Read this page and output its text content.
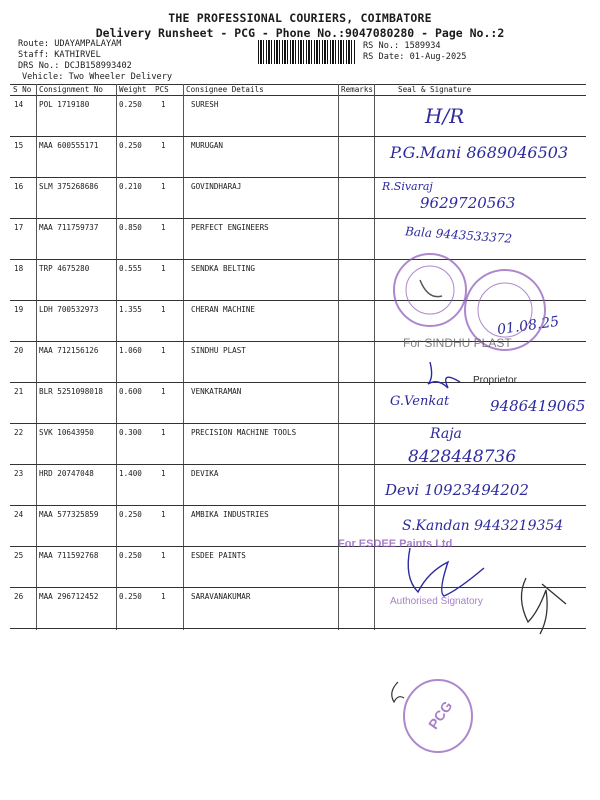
THE PROFESSIONAL COURIERS, COIMBATORE
Delivery Runsheet - PCG - Phone No.:9047080280 - Page No.:2
Route: UDAYAMPALAYAM
Staff: KATHIRVEL
DRS No.: DCJB158993402
Vehicle: Two Wheeler Delivery
RS No.: 1589934
RS Date: 01-Aug-2025
S No Consignment No Weight PCS Consignee Details	Remarks	Seal & Signature
14 POL 1719180	0.250	1	SURESH
15 MAA 600555171	0.250	1	MURUGAN
16 SLM 375268686	0.210	1	GOVINDHARAJ
17 MAA 711759737	0.850	1	PERFECT ENGINEERS
18 TRP 4675280	0.555	1	SENDKA BELTING
19 LDH 700532973	1.355	1	CHERAN MACHINE
20 MAA 712156126	1.060	1	SINDHU PLAST
21 BLR 5251098018 0.600	1	VENKATRAMAN
22 SVK 10643950	0.300	1	PRECISION MACHINE TOOLS
23 HRD 20747048	1.400	1	DEVIKA
24 MAA 577325859	0.250	1	AMBIKA INDUSTRIES
25 MAA 711592768	0.250	1	ESDEE PAINTS
26 MAA 296712452	0.250	1	SARAVANAKUMAR
H/R
P.G.Mani 8689046503
R.Sivaraj
9629720563
Bala 9443533372
01.08.25
G.Venkat	9486419065
Raja
8428448736
Devi 10923494202
S.Kandan 9443219354
For SINDHU PLAST
Proprietor
For ESDEE Paints Ltd
Authorised Signatory
PCG
